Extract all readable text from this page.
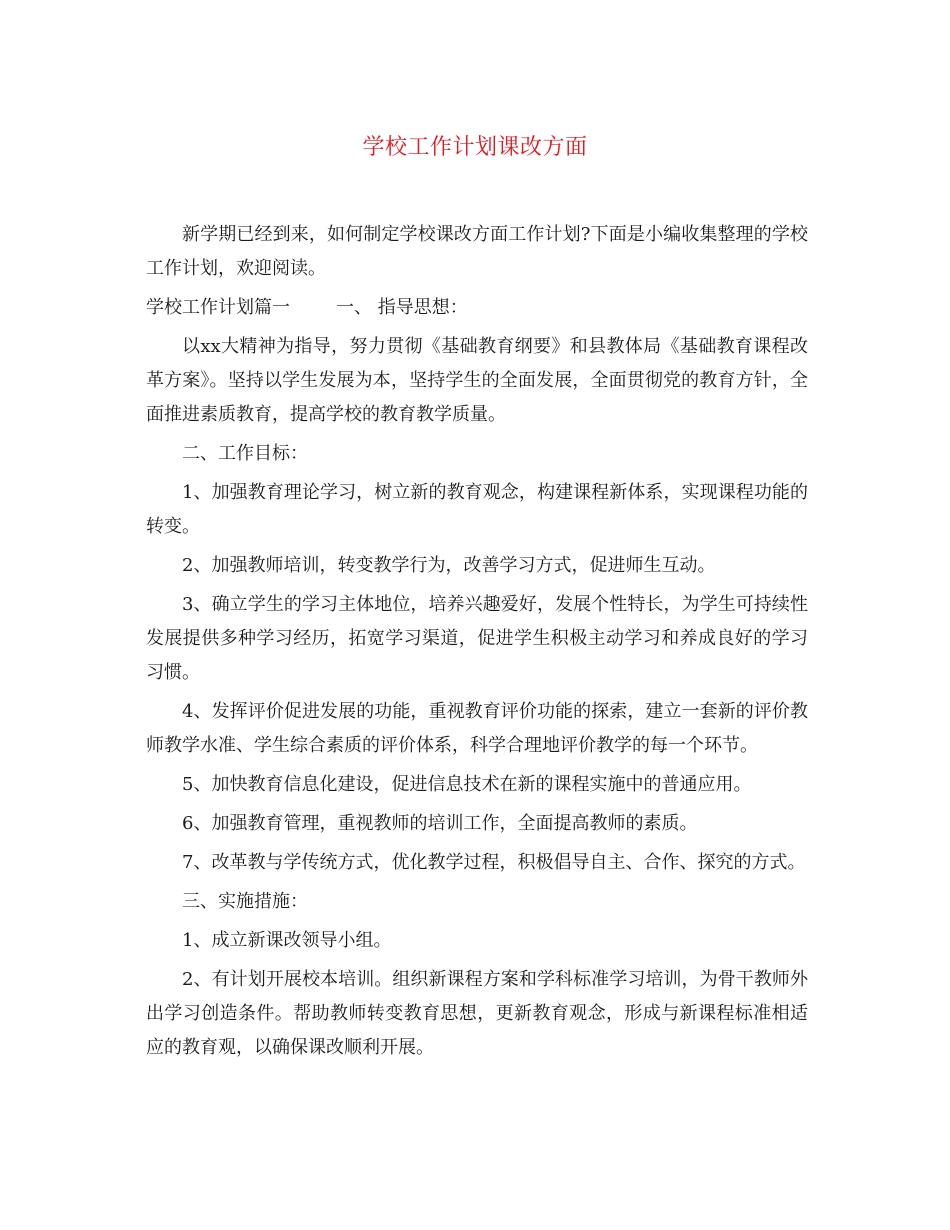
学校工作计划课改方面

新学期已经到来，如何制定学校课改方面工作计划?下面是小编收集整理的学校工作计划，欢迎阅读。

学校工作计划篇一	一、 指导思想：

以xx大精神为指导，努力贯彻《基础教育纲要》和县教体局《基础教育课程改革方案》。坚持以学生发展为本，坚持学生的全面发展，全面贯彻党的教育方针，全面推进素质教育，提高学校的教育教学质量。

二、工作目标：

1、加强教育理论学习，树立新的教育观念，构建课程新体系，实现课程功能的转变。

2、加强教师培训，转变教学行为，改善学习方式，促进师生互动。

3、确立学生的学习主体地位，培养兴趣爱好，发展个性特长，为学生可持续性发展提供多种学习经历，拓宽学习渠道，促进学生积极主动学习和养成良好的学习习惯。

4、发挥评价促进发展的功能，重视教育评价功能的探索，建立一套新的评价教师教学水准、学生综合素质的评价体系，科学合理地评价教学的每一个环节。

5、加快教育信息化建设，促进信息技术在新的课程实施中的普通应用。

6、加强教育管理，重视教师的培训工作，全面提高教师的素质。

7、改革教与学传统方式，优化教学过程，积极倡导自主、合作、探究的方式。

三、实施措施：

1、成立新课改领导小组。

2、有计划开展校本培训。组织新课程方案和学科标准学习培训，为骨干教师外出学习创造条件。帮助教师转变教育思想，更新教育观念，形成与新课程标准相适应的教育观，以确保课改顺利开展。
